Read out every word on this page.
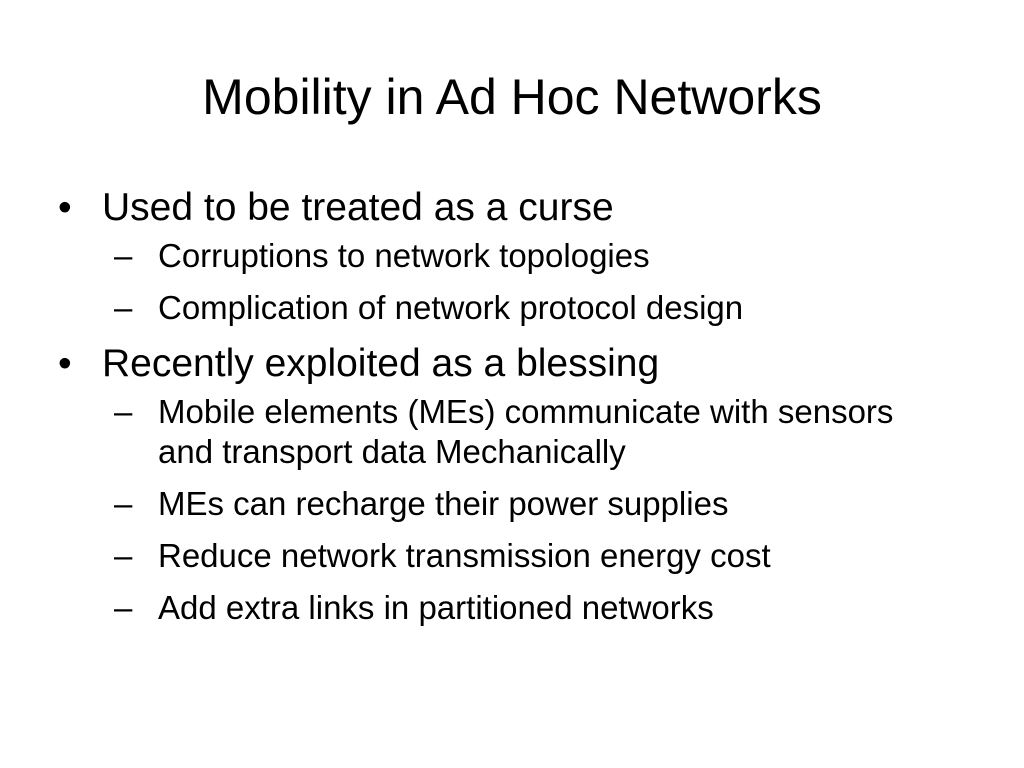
Mobility in Ad Hoc Networks
• Used to be treated as a curse
– Corruptions to network topologies
– Complication of network protocol design
• Recently exploited as a blessing
– Mobile elements (MEs) communicate with sensors and transport data Mechanically
– MEs can recharge their power supplies
– Reduce network transmission energy cost
– Add extra links in partitioned networks
